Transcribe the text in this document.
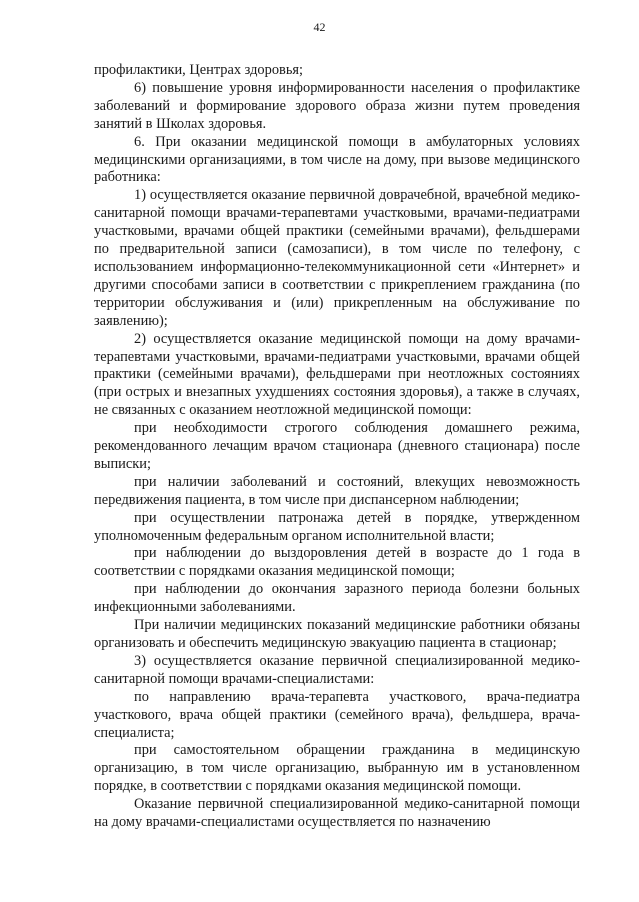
42

профилактики, Центрах здоровья;

6) повышение уровня информированности населения о профилактике заболеваний и формирование здорового образа жизни путем проведения занятий в Школах здоровья.

6. При оказании медицинской помощи в амбулаторных условиях медицинскими организациями, в том числе на дому, при вызове медицинского работника:

1) осуществляется оказание первичной доврачебной, врачебной медико-санитарной помощи врачами-терапевтами участковыми, врачами-педиатрами участковыми, врачами общей практики (семейными врачами), фельдшерами по предварительной записи (самозаписи), в том числе по телефону, с использованием информационно-телекоммуникационной сети «Интернет» и другими способами записи в соответствии с прикреплением гражданина (по территории обслуживания и (или) прикрепленным на обслуживание по заявлению);

2) осуществляется оказание медицинской помощи на дому врачами-терапевтами участковыми, врачами-педиатрами участковыми, врачами общей практики (семейными врачами), фельдшерами при неотложных состояниях (при острых и внезапных ухудшениях состояния здоровья), а также в случаях, не связанных с оказанием неотложной медицинской помощи:

при необходимости строгого соблюдения домашнего режима, рекомендованного лечащим врачом стационара (дневного стационара) после выписки;

при наличии заболеваний и состояний, влекущих невозможность передвижения пациента, в том числе при диспансерном наблюдении;

при осуществлении патронажа детей в порядке, утвержденном уполномоченным федеральным органом исполнительной власти;

при наблюдении до выздоровления детей в возрасте до 1 года в соответствии с порядками оказания медицинской помощи;

при наблюдении до окончания заразного периода болезни больных инфекционными заболеваниями.

При наличии медицинских показаний медицинские работники обязаны организовать и обеспечить медицинскую эвакуацию пациента в стационар;

3) осуществляется оказание первичной специализированной медико-санитарной помощи врачами-специалистами:

по направлению врача-терапевта участкового, врача-педиатра участкового, врача общей практики (семейного врача), фельдшера, врача-специалиста;

при самостоятельном обращении гражданина в медицинскую организацию, в том числе организацию, выбранную им в установленном порядке, в соответствии с порядками оказания медицинской помощи.

Оказание первичной специализированной медико-санитарной помощи на дому врачами-специалистами осуществляется по назначению
